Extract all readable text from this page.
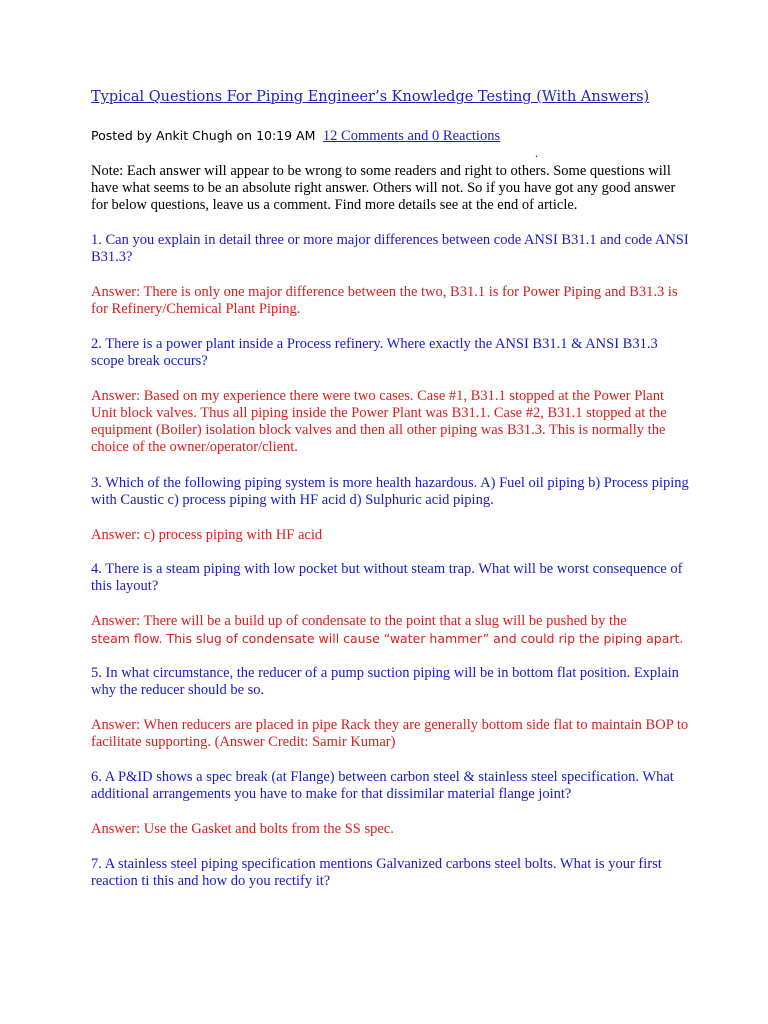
Typical Questions For Piping Engineer’s Knowledge Testing (With Answers)
Posted by Ankit Chugh on 10:19 AM 12 Comments and 0 Reactions
.
Note: Each answer will appear to be wrong to some readers and right to others. Some questions will have what seems to be an absolute right answer. Others will not. So if you have got any good answer for below questions, leave us a comment. Find more details see at the end of article.
1. Can you explain in detail three or more major differences between code ANSI B31.1 and code ANSI B31.3?
Answer: There is only one major difference between the two, B31.1 is for Power Piping and B31.3 is for Refinery/Chemical Plant Piping.
2. There is a power plant inside a Process refinery. Where exactly the ANSI B31.1 & ANSI B31.3 scope break occurs?
Answer: Based on my experience there were two cases. Case #1, B31.1 stopped at the Power Plant Unit block valves. Thus all piping inside the Power Plant was B31.1. Case #2, B31.1 stopped at the equipment (Boiler) isolation block valves and then all other piping was B31.3. This is normally the choice of the owner/operator/client.
3. Which of the following piping system is more health hazardous. A) Fuel oil piping b) Process piping with Caustic c) process piping with HF acid d) Sulphuric acid piping.
Answer: c) process piping with HF acid
4. There is a steam piping with low pocket but without steam trap. What will be worst consequence of this layout?
Answer: There will be a build up of condensate to the point that a slug will be pushed by the
steam flow. This slug of condensate will cause “water hammer” and could rip the piping apart.
5. In what circumstance, the reducer of a pump suction piping will be in bottom flat position. Explain why the reducer should be so.
Answer: When reducers are placed in pipe Rack they are generally bottom side flat to maintain BOP to facilitate supporting. (Answer Credit: Samir Kumar)
6. A P&ID shows a spec break (at Flange) between carbon steel & stainless steel specification. What additional arrangements you have to make for that dissimilar material flange joint?
Answer: Use the Gasket and bolts from the SS spec.
7. A stainless steel piping specification mentions Galvanized carbons steel bolts. What is your first reaction ti this and how do you rectify it?
